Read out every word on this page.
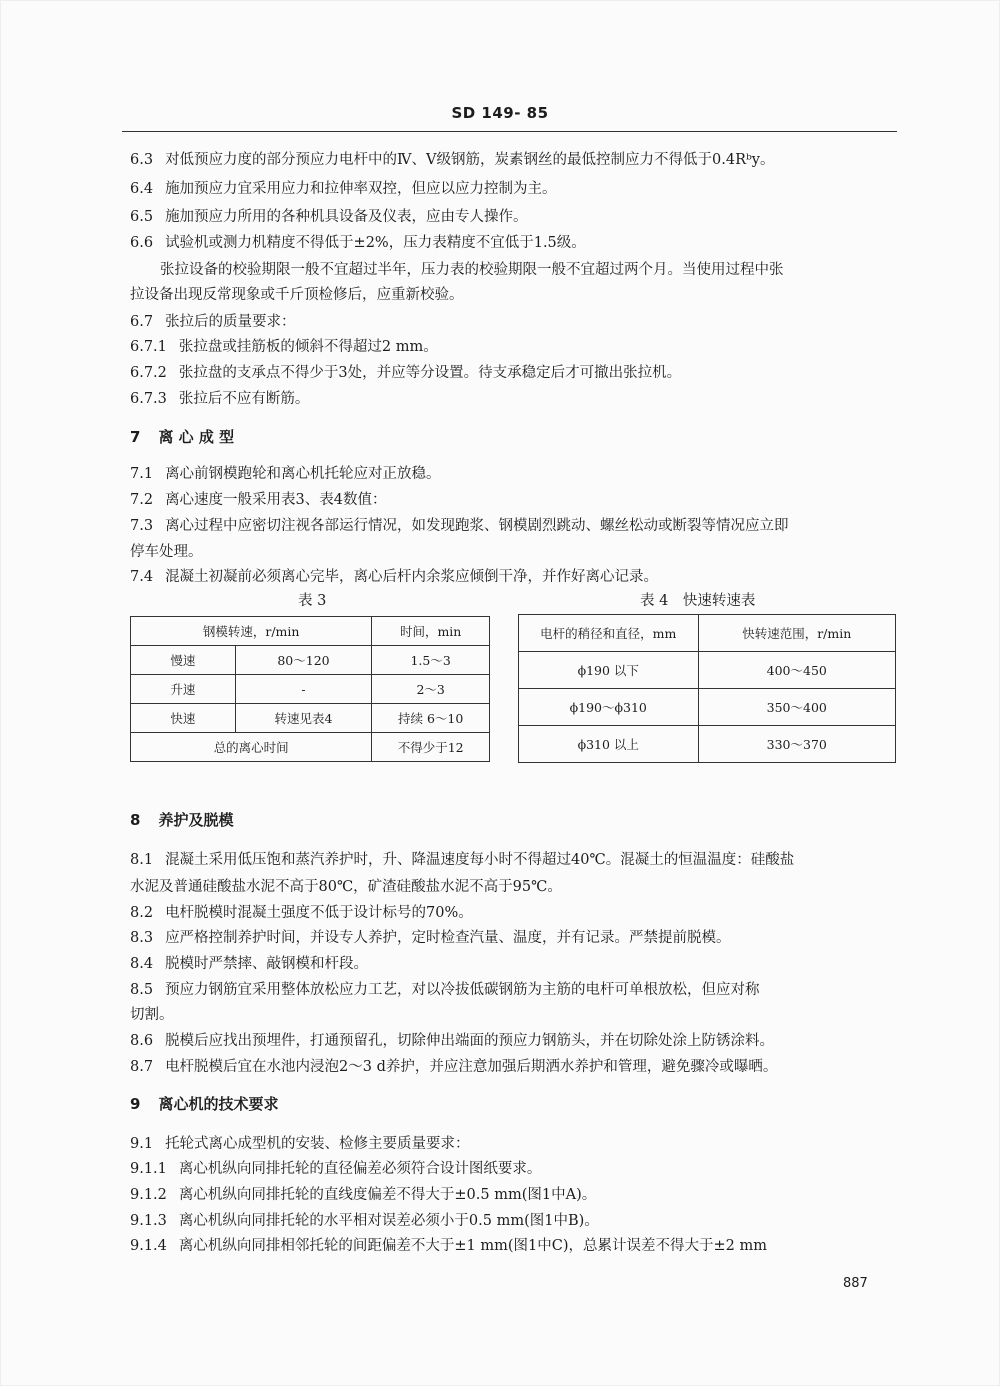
SD 149- 85
6.3 对低预应力度的部分预应力电杆中的Ⅳ、Ⅴ级钢筋，炭素钢丝的最低控制应力不得低于0.4Rᵇy。
6.4 施加预应力宜采用应力和拉伸率双控，但应以应力控制为主。
6.5 施加预应力所用的各种机具设备及仪表，应由专人操作。
6.6 试验机或测力机精度不得低于±2%，压力表精度不宜低于1.5级。
张拉设备的校验期限一般不宜超过半年，压力表的校验期限一般不宜超过两个月。当使用过程中张
拉设备出现反常现象或千斤顶检修后，应重新校验。
6.7 张拉后的质量要求：
6.7.1 张拉盘或挂筋板的倾斜不得超过2 mm。
6.7.2 张拉盘的支承点不得少于3处，并应等分设置。待支承稳定后才可撤出张拉机。
6.7.3 张拉后不应有断筋。
7 离 心 成 型
7.1 离心前钢模跑轮和离心机托轮应对正放稳。
7.2 离心速度一般采用表3、表4数值：
7.3 离心过程中应密切注视各部运行情况，如发现跑浆、钢模剧烈跳动、螺丝松动或断裂等情况应立即
停车处理。
7.4 混凝土初凝前必须离心完毕，离心后杆内余浆应倾倒干净，并作好离心记录。
表 3	表 4　快速转速表
钢模转速，r/min		时间，min
慢速	80～120	1.5～3
升速	-	2～3
快速	转速见表4	持续 6～10
总的离心时间		不得少于12
电杆的稍径和直径，mm	快转速范围，r/min
ϕ190 以下	400～450
ϕ190～ϕ310	350～400
ϕ310 以上	330～370
8 养护及脱模
8.1 混凝土采用低压饱和蒸汽养护时，升、降温速度每小时不得超过40℃。混凝土的恒温温度：硅酸盐
水泥及普通硅酸盐水泥不高于80℃，矿渣硅酸盐水泥不高于95℃。
8.2 电杆脱模时混凝土强度不低于设计标号的70%。
8.3 应严格控制养护时间，并设专人养护，定时检查汽量、温度，并有记录。严禁提前脱模。
8.4 脱模时严禁摔、敲钢模和杆段。
8.5 预应力钢筋宜采用整体放松应力工艺，对以冷拔低碳钢筋为主筋的电杆可单根放松，但应对称
切割。
8.6 脱模后应找出预埋件，打通预留孔，切除伸出端面的预应力钢筋头，并在切除处涂上防锈涂料。
8.7 电杆脱模后宜在水池内浸泡2～3 d养护，并应注意加强后期洒水养护和管理，避免骤冷或曝晒。
9 离心机的技术要求
9.1 托轮式离心成型机的安装、检修主要质量要求：
9.1.1 离心机纵向同排托轮的直径偏差必须符合设计图纸要求。
9.1.2 离心机纵向同排托轮的直线度偏差不得大于±0.5 mm(图1中A)。
9.1.3 离心机纵向同排托轮的水平相对误差必须小于0.5 mm(图1中B)。
9.1.4 离心机纵向同排相邻托轮的间距偏差不大于±1 mm(图1中C)，总累计误差不得大于±2 mm
887
